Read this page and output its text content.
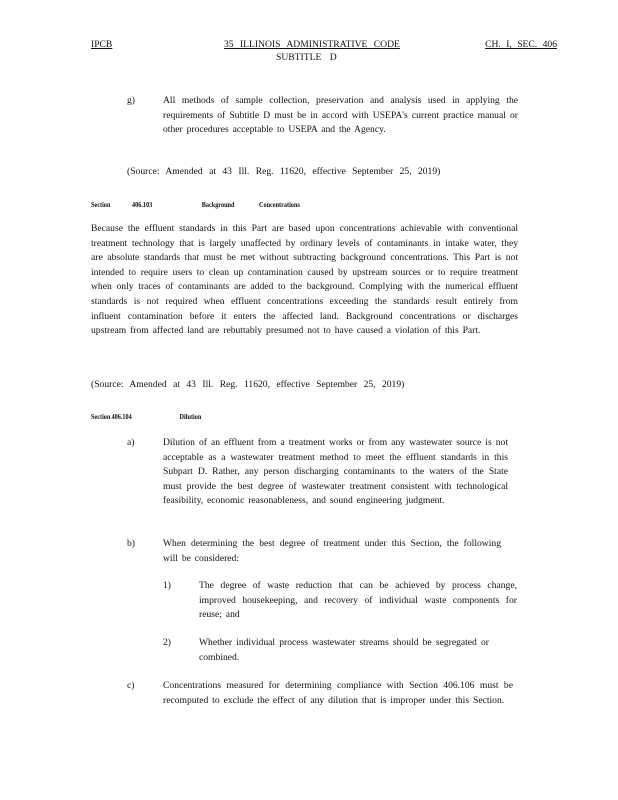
IPCB	35 ILLINOIS ADMINISTRATIVE CODE	CH. I, SEC. 406
SUBTITLE D
g)	All methods of sample collection, preservation and analysis used in applying the requirements of Subtitle D must be in accord with USEPA's current practice manual or other procedures acceptable to USEPA and the Agency.
(Source: Amended at 43 Ill. Reg. 11620, effective September 25, 2019)
Section	406.103	Background Concentrations
Because the effluent standards in this Part are based upon concentrations achievable with conventional treatment technology that is largely unaffected by ordinary levels of contaminants in intake water, they are absolute standards that must be met without subtracting background concentrations. This Part is not intended to require users to clean up contamination caused by upstream sources or to require treatment when only traces of contaminants are added to the background. Complying with the numerical effluent standards is not required when effluent concentrations exceeding the standards result entirely from influent contamination before it enters the affected land. Background concentrations or discharges upstream from affected land are rebuttably presumed not to have caused a violation of this Part.
(Source: Amended at 43 Ill. Reg. 11620, effective September 25, 2019)
Section406.104	Dilution
a)	Dilution of an effluent from a treatment works or from any wastewater source is not acceptable as a wastewater treatment method to meet the effluent standards in this Subpart D. Rather, any person discharging contaminants to the waters of the State must provide the best degree of wastewater treatment consistent with technological feasibility, economic reasonableness, and sound engineering judgment.
b)	When determining the best degree of treatment under this Section, the following will be considered:
1)	The degree of waste reduction that can be achieved by process change, improved housekeeping, and recovery of individual waste components for reuse; and
2)	Whether individual process wastewater streams should be segregated or combined.
c)	Concentrations measured for determining compliance with Section 406.106 must be recomputed to exclude the effect of any dilution that is improper under this Section.
